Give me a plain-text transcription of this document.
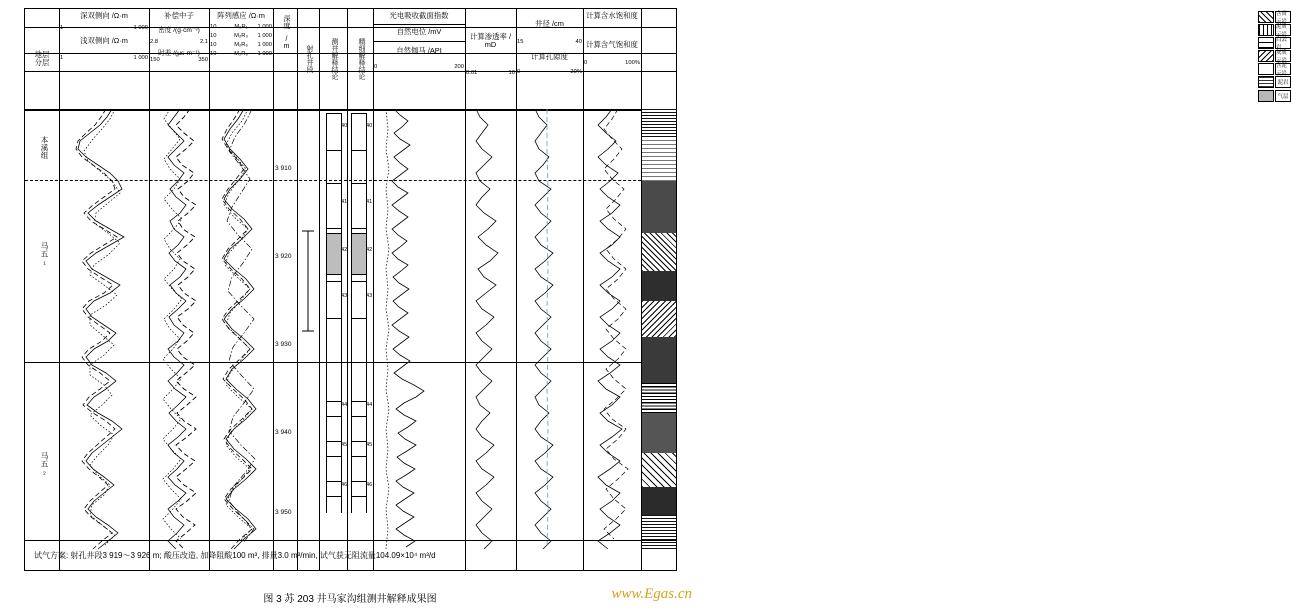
地层
分层
深双侧向 /Ω·m
1	1 000
浅双侧向 /Ω·m
1	1 000
阵列感应 /Ω·m
10	M₂R₁ 1 000
10	M₂R₃ 1 000
10	M₂R₆ 1 000
10	M₂R₉ 1 000
深度 /m	射孔井段
测井解释结论
精细解释结论
光电吸收截面指数
自然电位 /mV
自然伽马 /API
0	200
计算渗透率 /
mD
0.01	10
井径 /cm
15	40
计算孔隙度
0	20%
计算含水饱和度
计算含气饱和度
0	100%
含膏云岩
泥质云岩
白云岩
灰质云岩
含泥云岩
泥岩
气层
本溪组
马五₁
马五₂
3 910
3 920
3 930
3 940
3 950
补偿中子
密度 /(g·cm⁻³)
2.8	2.1
时差 /(μs·m⁻¹)
150	350
40
41
42
43
44
45
46
40
41
42
43
44
45
46
试气方案: 射孔井段3 919～3 926 m; 酸压改造, 加降阻酸100 m³, 排量3.0 m³/min, 试气获无阻流量104.09×10⁴ m³/d
图 3 苏 203 井马家沟组测井解释成果图	www.Egas.cn
